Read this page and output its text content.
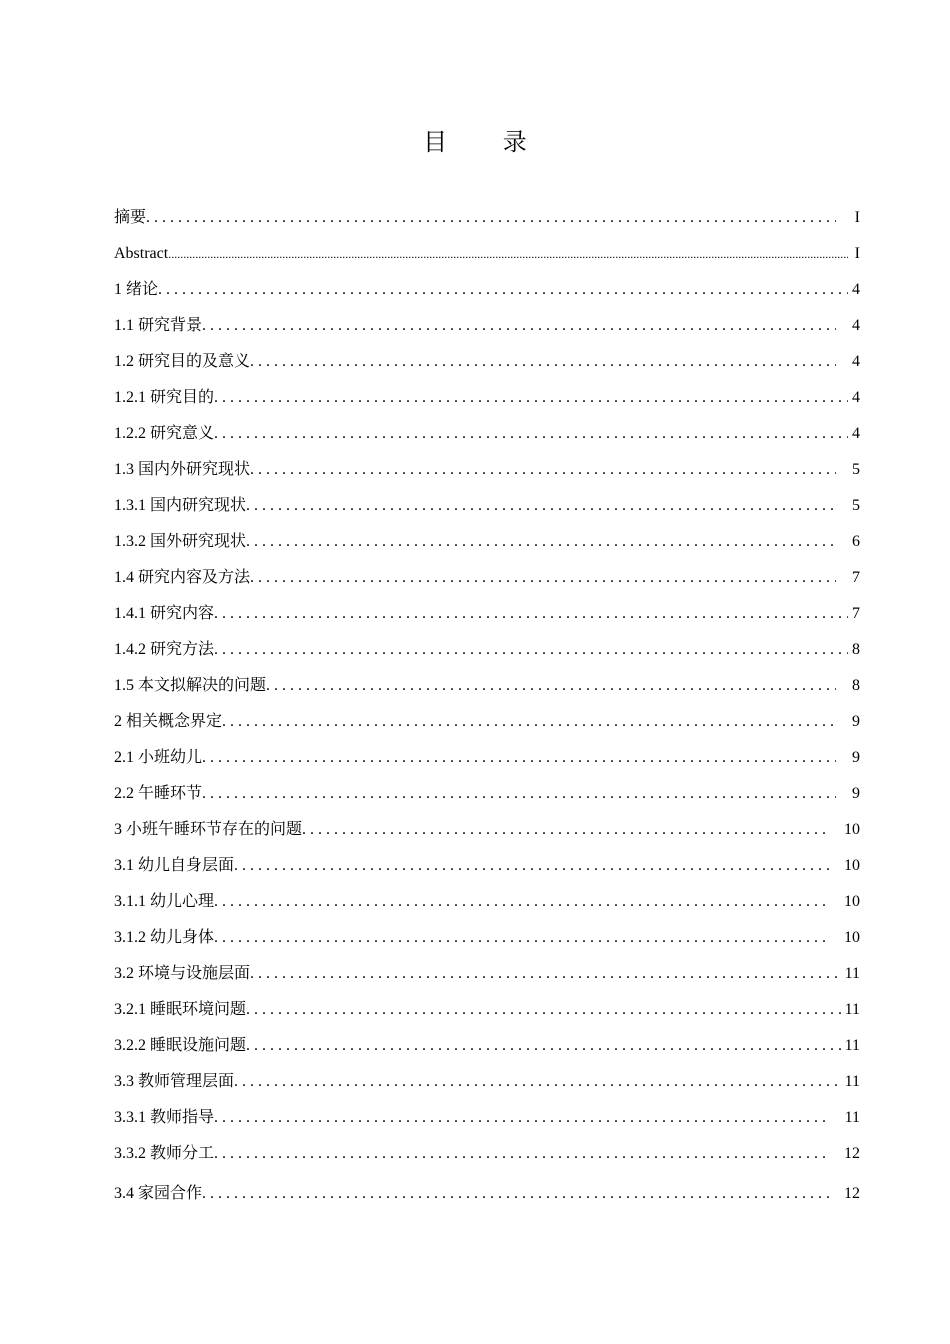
目 录
摘要 . . .	I
Abstract .....	I
1 绪论 . . .	4
1.1 研究背景 . . .	4
1.2 研究目的及意义 . . .	4
1.2.1 研究目的 . . .	4
1.2.2 研究意义 . . .	4
1.3 国内外研究现状 . . .	5
1.3.1 国内研究现状 . . .	5
1.3.2 国外研究现状 . . .	6
1.4 研究内容及方法 . . .	7
1.4.1 研究内容 . . .	7
1.4.2 研究方法 . . .	8
1.5 本文拟解决的问题 . . .	8
2 相关概念界定 . . .	9
2.1 小班幼儿 . . .	9
2.2 午睡环节 . . .	9
3 小班午睡环节存在的问题 . . .	10
3.1 幼儿自身层面 . . .	10
3.1.1 幼儿心理 . . .	10
3.1.2 幼儿身体 . . .	10
3.2 环境与设施层面 . . .	11
3.2.1 睡眠环境问题 . . .	11
3.2.2 睡眠设施问题 . . .	11
3.3 教师管理层面 . . .	11
3.3.1 教师指导 . . .	11
3.3.2 教师分工 . . .	12
3.4 家园合作 . . .	12
